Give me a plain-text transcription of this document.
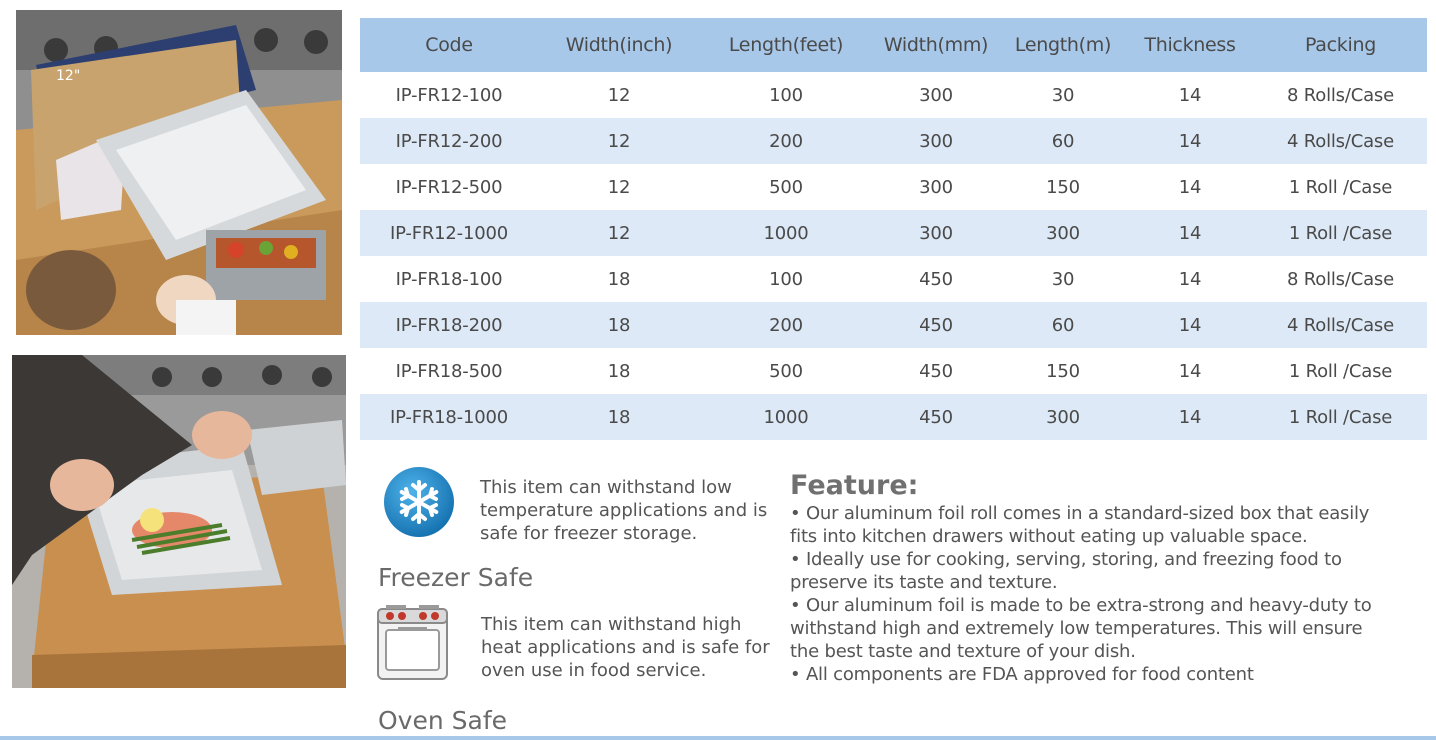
12"
Code	Width(inch)	Length(feet)	Width(mm)	Length(m)	Thickness	Packing
IP-FR12-100	12	100	300	30	14	8 Rolls/Case
IP-FR12-200	12	200	300	60	14	4 Rolls/Case
IP-FR12-500	12	500	300	150	14	1 Roll /Case
IP-FR12-1000	12	1000	300	300	14	1 Roll /Case
IP-FR18-100	18	100	450	30	14	8 Rolls/Case
IP-FR18-200	18	200	450	60	14	4 Rolls/Case
IP-FR18-500	18	500	450	150	14	1 Roll /Case
IP-FR18-1000	18	1000	450	300	14	1 Roll /Case
This item can withstand low temperature applications and is safe for freezer storage.
Freezer Safe
This item can withstand high heat applications and is safe for oven use in food service.
Oven Safe
Feature:
• Our aluminum foil roll comes in a standard-sized box that easily fits into kitchen drawers without eating up valuable space.
• Ideally use for cooking, serving, storing, and freezing food to preserve its taste and texture.
• Our aluminum foil is made to be extra-strong and heavy-duty to withstand high and extremely low temperatures. This will ensure the best taste and texture of your dish.
• All components are FDA approved for food content
